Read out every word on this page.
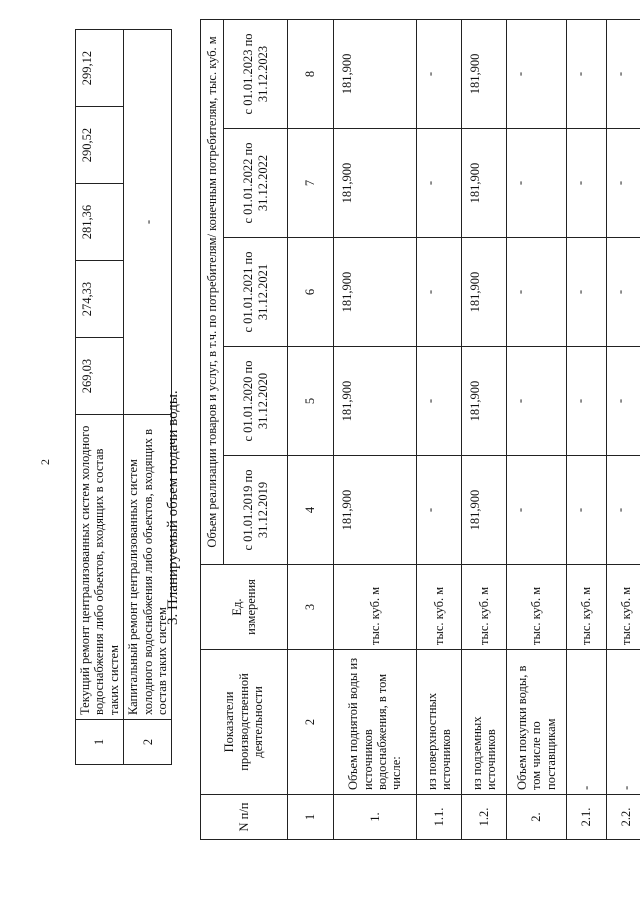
2
1	Текущий ремонт централизованных систем холодного водоснабжения либо объектов, входящих в состав таких систем	269,03	274,33	281,36	290,52	299,12
2	Капитальный ремонт централизованных систем холодного водоснабжения либо объектов, входящих в состав таких систем	-				
3. Планируемый объем подачи воды.
N п/п	Показатели производственной деятельности	Ед. измерения	Объем реализации товаров и услуг, в т.ч. по потребителям/ конечным потребителям, тыс. куб. м				
			с 01.01.2019 по 31.12.2019	с 01.01.2020 по 31.12.2020	с 01.01.2021 по 31.12.2021	с 01.01.2022 по 31.12.2022	с 01.01.2023 по 31.12.2023
1	2	3	4	5	6	7	8
1.	Объем поднятой воды из источников водоснабжения, в том числе:	тыс. куб. м	181,900	181,900	181,900	181,900	181,900
1.1.	из поверхностных источников	тыс. куб. м	-	-	-	-	-
1.2.	из подземных источников	тыс. куб. м	181,900	181,900	181,900	181,900	181,900
2.	Объем покупки воды, в том числе по поставщикам	тыс. куб. м	-	-	-	-	-
2.1.	-	тыс. куб. м	-	-	-	-	-
2.2.	-	тыс. куб. м	-	-	-	-	-
